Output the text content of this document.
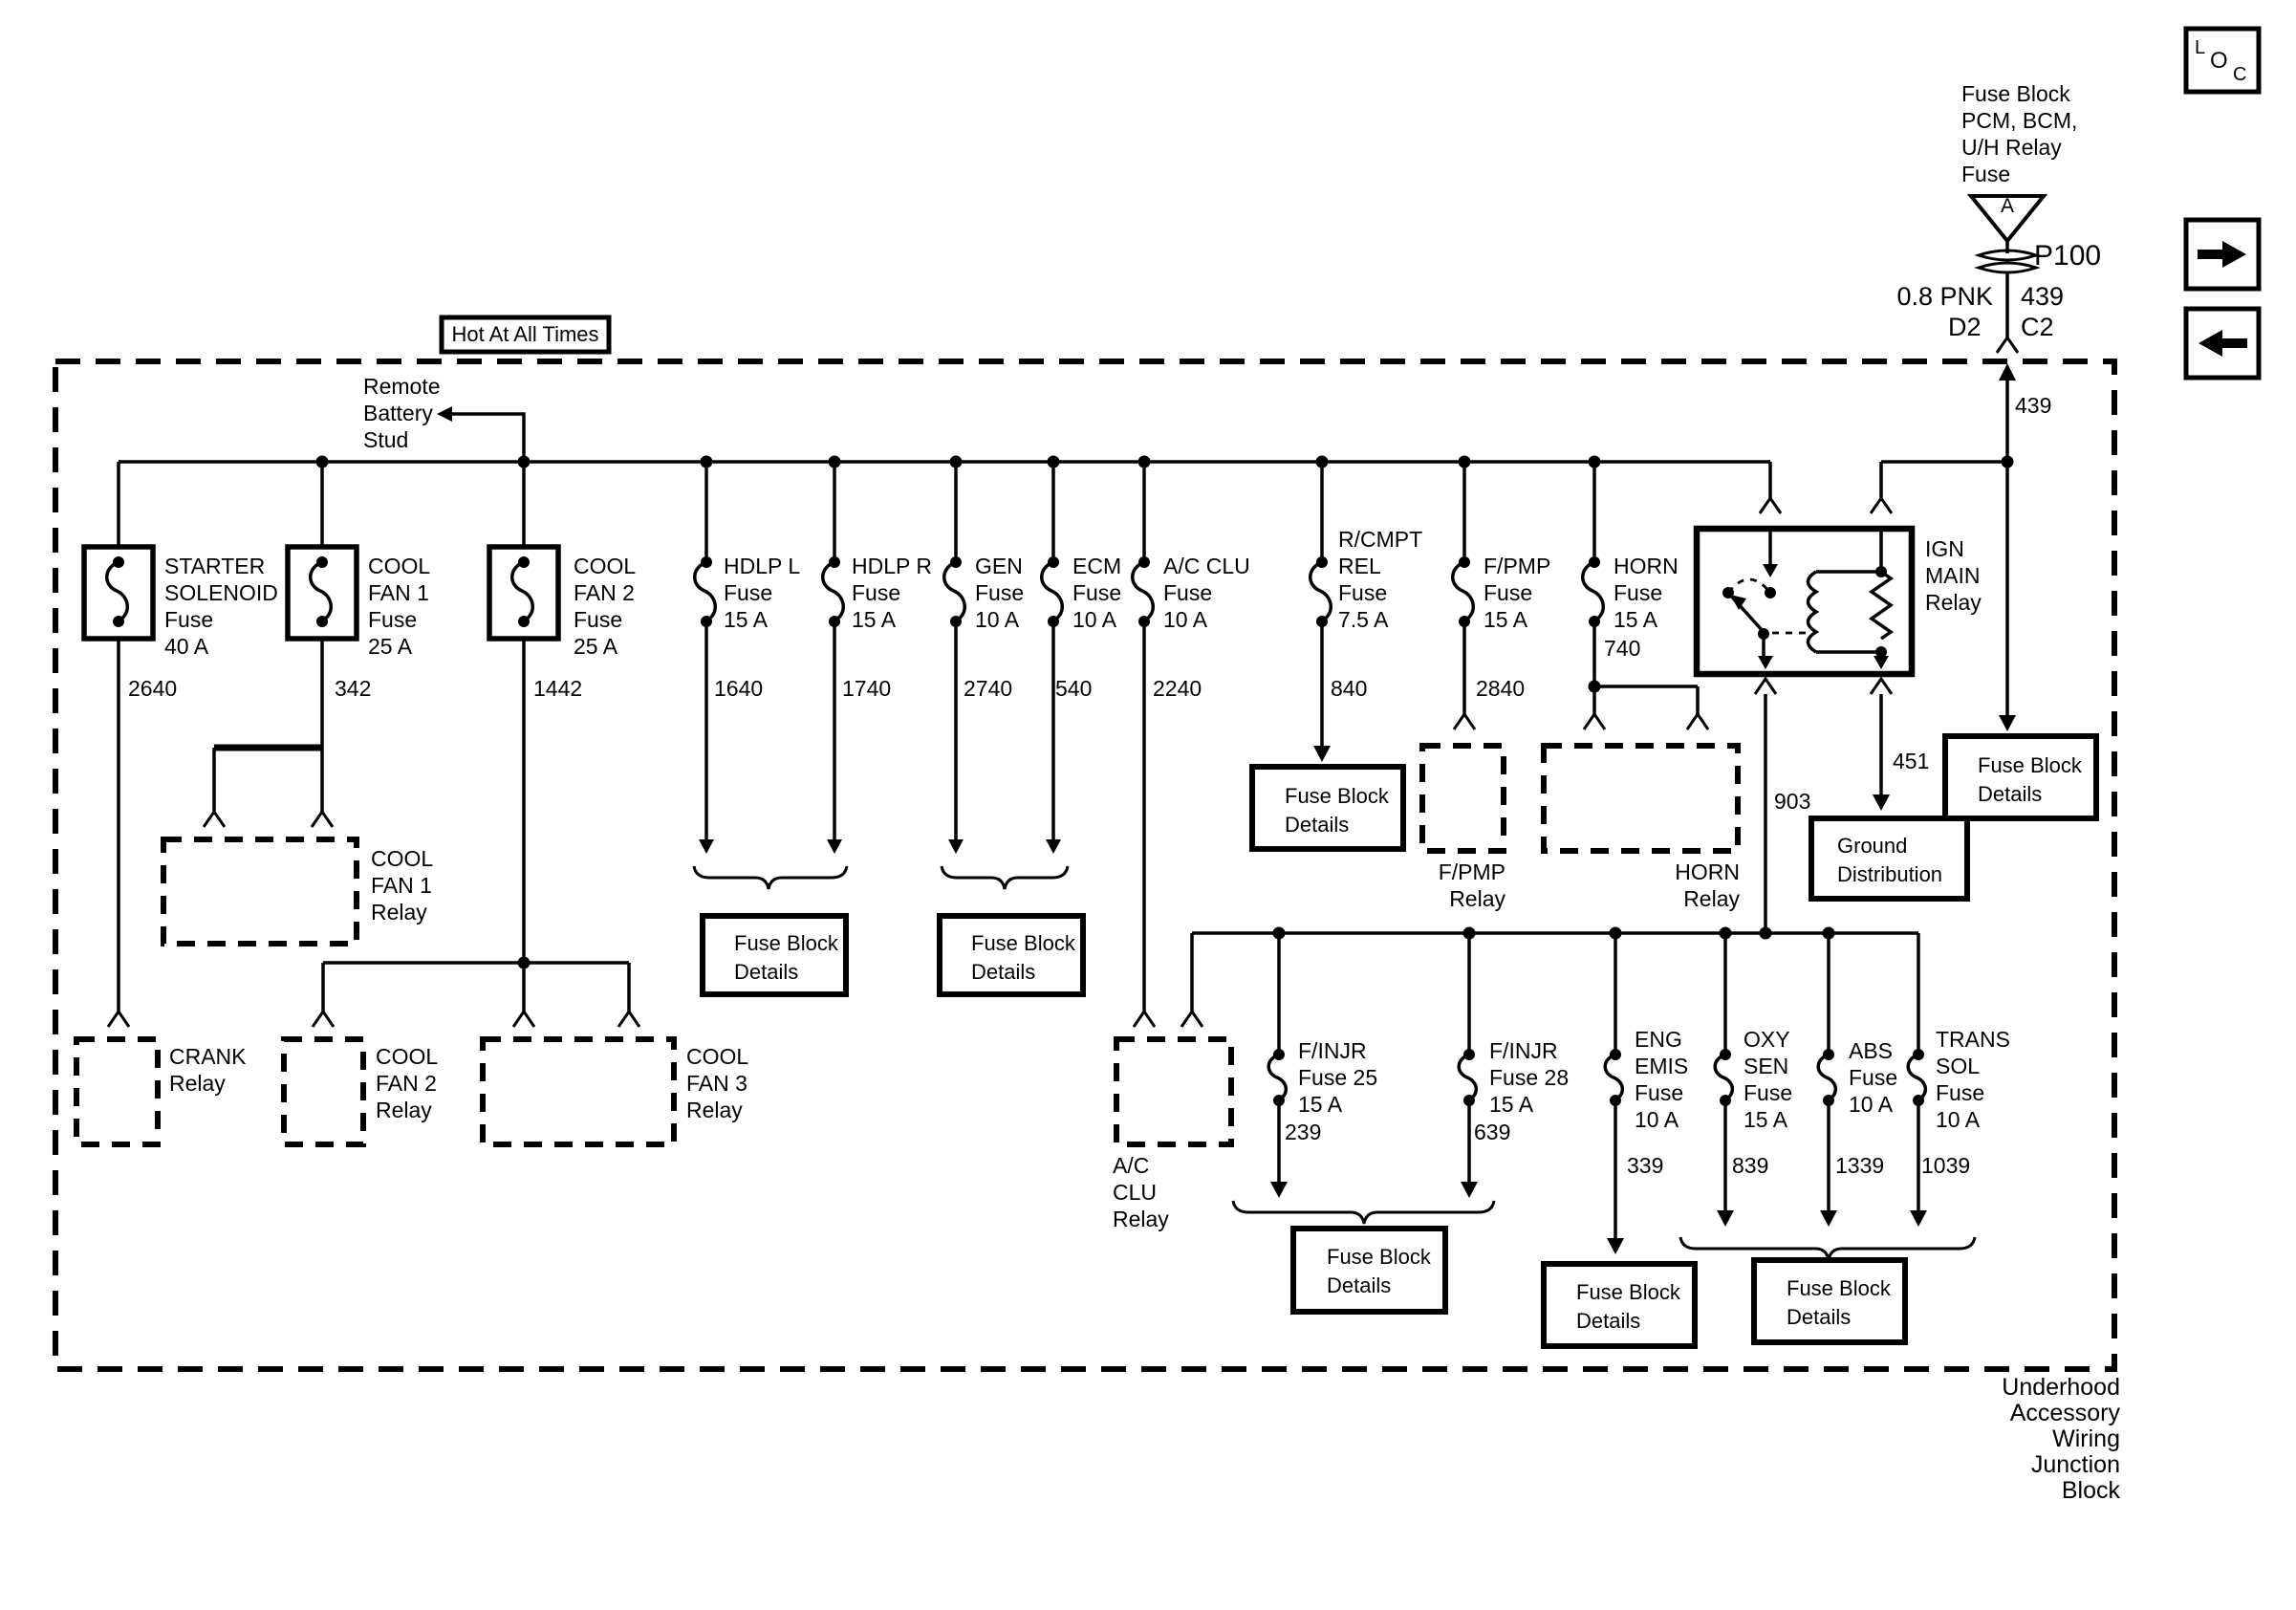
Fuse Block
PCM, BCM,
U/H Relay
Fuse
A
P100
0.8 PNK 439
D2 C2
439
L O
C
Hot At All Times
Remote
Battery
Stud
Underhood
Accessory
Wiring
Junction
Block
STARTER
SOLENOID
Fuse
40 A
COOL
FAN 1
Fuse
25 A
COOL
FAN 2
Fuse
25 A
HDLP L
Fuse
15 A
HDLP R
Fuse
15 A
GEN
Fuse
10 A
ECM
Fuse
10 A
A/C CLU
Fuse
10 A
R/CMPT
REL
Fuse
7.5 A
F/PMP
Fuse
15 A
HORN
Fuse
15 A
2640	342	1442	1640	1740	2740 540	2240	840	2840
740
COOL
FAN 1
Relay
CRANK
Relay
COOL
FAN 2
Relay
COOL
FAN 3
Relay
A/C
CLU
Relay
F/PMP
Relay
HORN
Relay
IGN
MAIN
Relay
903
451
F/INJR
Fuse 25
15 A
F/INJR
Fuse 28
15 A
ENG
EMIS
Fuse
10 A
OXY
SEN
Fuse
15 A
ABS
Fuse
10 A
TRANS
SOL
Fuse
10 A
239	639
339	839	1339 1039
Fuse Block
Details
Fuse Block
Details
Fuse Block
Details
Fuse Block
Details
Fuse Block
Details	Fuse Block
Details
Fuse Block
Details
Ground
Distribution
